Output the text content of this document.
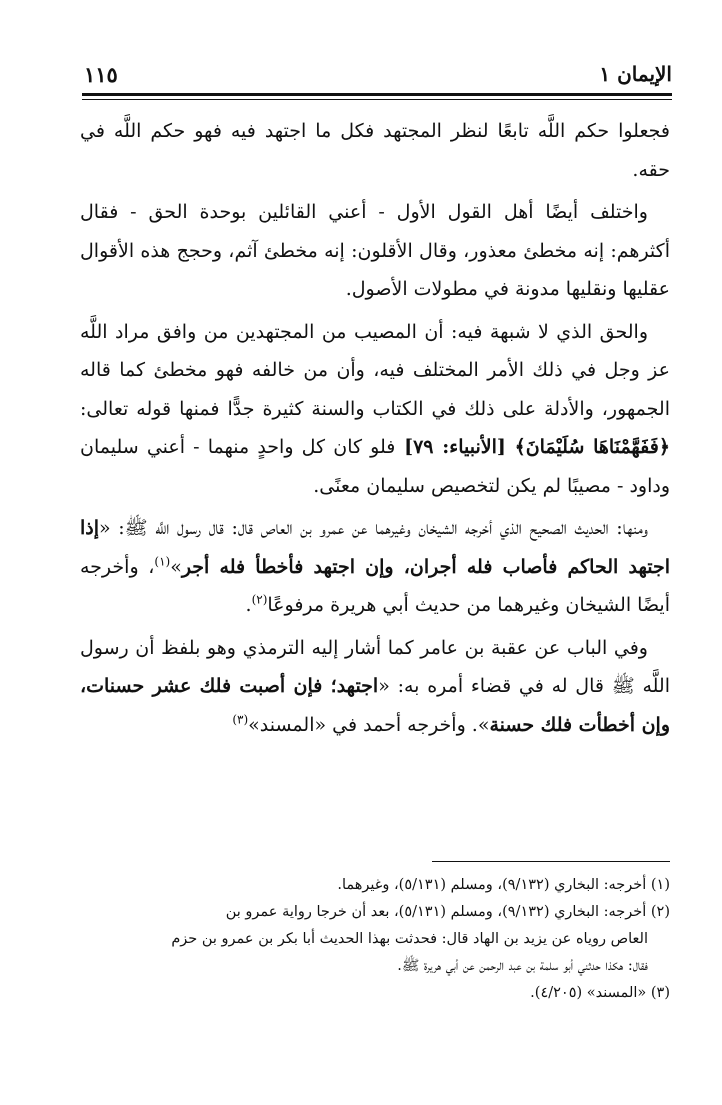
الإيمان ١
١١٥

فجعلوا حكم اللَّه تابعًا لنظر المجتهد فكل ما اجتهد فيه فهو حكم اللَّه في حقه.

واختلف أيضًا أهل القول الأول - أعني القائلين بوحدة الحق - فقال أكثرهم: إنه مخطئ معذور، وقال الأقلون: إنه مخطئ آثم، وحجج هذه الأقوال عقليها ونقليها مدونة في مطولات الأصول.

والحق الذي لا شبهة فيه: أن المصيب من المجتهدين من وافق مراد اللَّه عز وجل في ذلك الأمر المختلف فيه، وأن من خالفه فهو مخطئ كما قاله الجمهور، والأدلة على ذلك في الكتاب والسنة كثيرة جدًّا فمنها قوله تعالى: ﴿فَفَهَّمْنَاهَا سُلَيْمَانَ﴾ [الأنبياء: ٧٩] فلو كان كل واحدٍ منهما - أعني سليمان وداود - مصيبًا لم يكن لتخصيص سليمان معنًى.

ومنها: الحديث الصحيح الذي أخرجه الشيخان وغيرهما عن عمرو بن العاص قال: قال رسول اللَّه ﷺ: «إذا اجتهد الحاكم فأصاب فله أجران، وإن اجتهد فأخطأ فله أجر»$^{(١)}$، وأخرجه أيضًا الشيخان وغيرهما من حديث أبي هريرة مرفوعًا$^{(٢)}$.

وفي الباب عن عقبة بن عامر كما أشار إليه الترمذي وهو بلفظ أن رسول اللَّه ﷺ قال له في قضاء أمره به: «اجتهد؛ فإن أصبت فلك عشر حسنات، وإن أخطأت فلك حسنة». وأخرجه أحمد في «المسند»$^{(٣)}$

(١) أخرجه: البخاري (٩/١٣٢)، ومسلم (٥/١٣١)، وغيرهما.

(٢) أخرجه: البخاري (٩/١٣٢)، ومسلم (٥/١٣١)، بعد أن خرجا رواية عمرو بن

العاص روياه عن يزيد بن الهاد قال: فحدثت بهذا الحديث أبا بكر بن عمرو بن حزم

فقال: هكذا حدثني أبو سلمة بن عبد الرحمن عن أبي هريرة ﷺ.

(٣) «المسند» (٤/٢٠٥).
